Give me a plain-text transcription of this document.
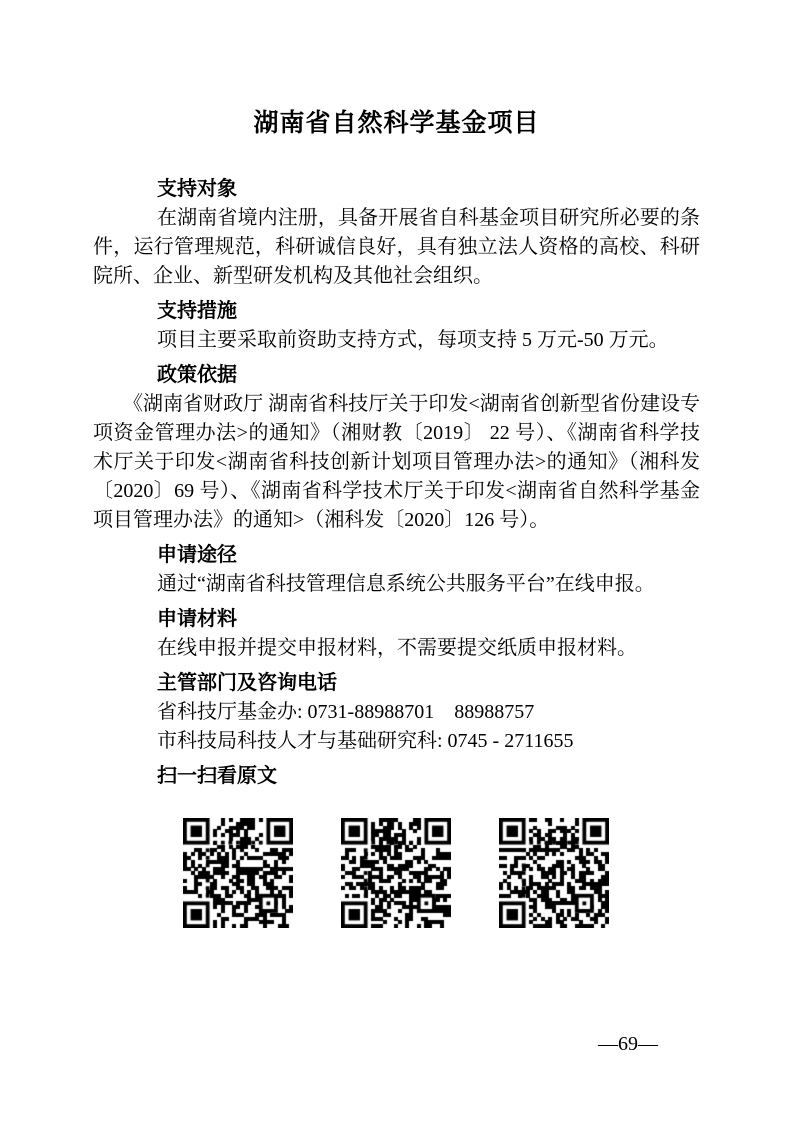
湖南省自然科学基金项目
支持对象

在湖南省境内注册，具备开展省自科基金项目研究所必要的条件，运行管理规范，科研诚信良好，具有独立法人资格的高校、科研院所、企业、新型研发机构及其他社会组织。

支持措施

项目主要采取前资助支持方式，每项支持 5 万元-50 万元。

政策依据

《湖南省财政厅 湖南省科技厅关于印发<湖南省创新型省份建设专项资金管理办法>的通知》（湘财教〔2019〕 22 号）、《湖南省科学技术厅关于印发<湖南省科技创新计划项目管理办法>的通知》（湘科发〔2020〕69 号）、《湖南省科学技术厅关于印发<湖南省自然科学基金项目管理办法》的通知>（湘科发〔2020〕126 号）。

申请途径

通过“湖南省科技管理信息系统公共服务平台”在线申报。

申请材料

在线申报并提交申报材料，不需要提交纸质申报材料。

主管部门及咨询电话

省科技厅基金办: 0731-88988701　88988757

市科技局科技人才与基础研究科: 0745 - 2711655

扫一扫看原文
—69—
